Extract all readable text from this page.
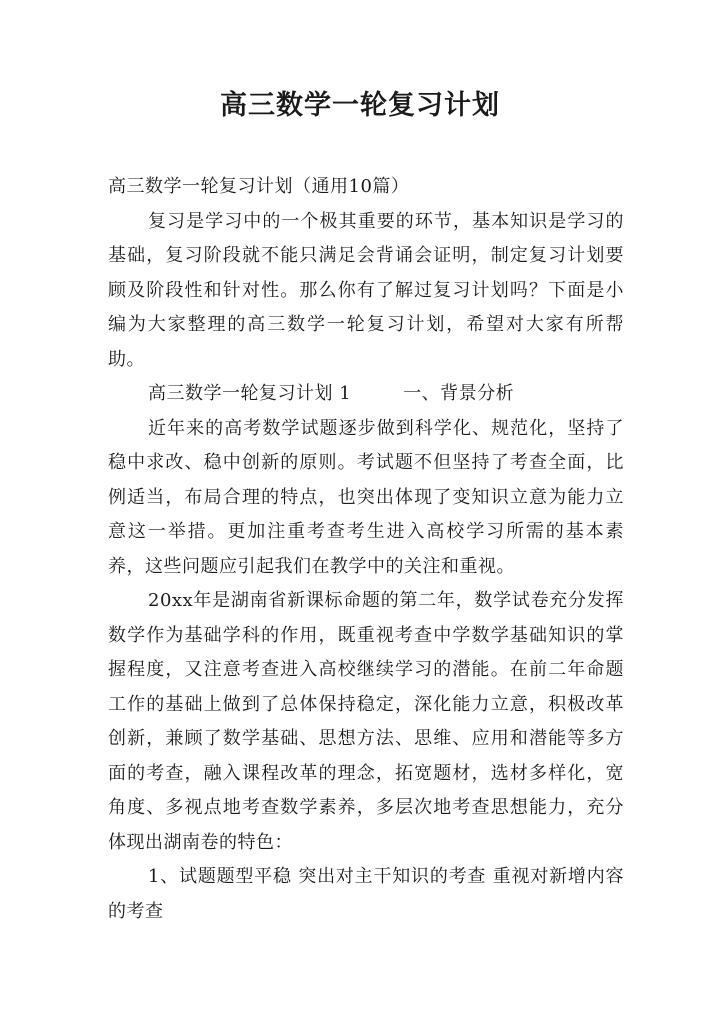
高三数学一轮复习计划

高三数学一轮复习计划（通用10篇）

复习是学习中的一个极其重要的环节，基本知识是学习的基础，复习阶段就不能只满足会背诵会证明，制定复习计划要顾及阶段性和针对性。那么你有了解过复习计划吗？下面是小编为大家整理的高三数学一轮复习计划，希望对大家有所帮助。

高三数学一轮复习计划 1	一、背景分析

近年来的高考数学试题逐步做到科学化、规范化，坚持了稳中求改、稳中创新的原则。考试题不但坚持了考查全面，比例适当，布局合理的特点，也突出体现了变知识立意为能力立意这一举措。更加注重考查考生进入高校学习所需的基本素养，这些问题应引起我们在教学中的关注和重视。

20xx年是湖南省新课标命题的第二年，数学试卷充分发挥数学作为基础学科的作用，既重视考查中学数学基础知识的掌握程度，又注意考查进入高校继续学习的潜能。在前二年命题工作的基础上做到了总体保持稳定，深化能力立意，积极改革创新，兼顾了数学基础、思想方法、思维、应用和潜能等多方面的考查，融入课程改革的理念，拓宽题材，选材多样化，宽角度、多视点地考查数学素养，多层次地考查思想能力，充分体现出湖南卷的特色：

1、试题题型平稳 突出对主干知识的考查 重视对新增内容的考查
